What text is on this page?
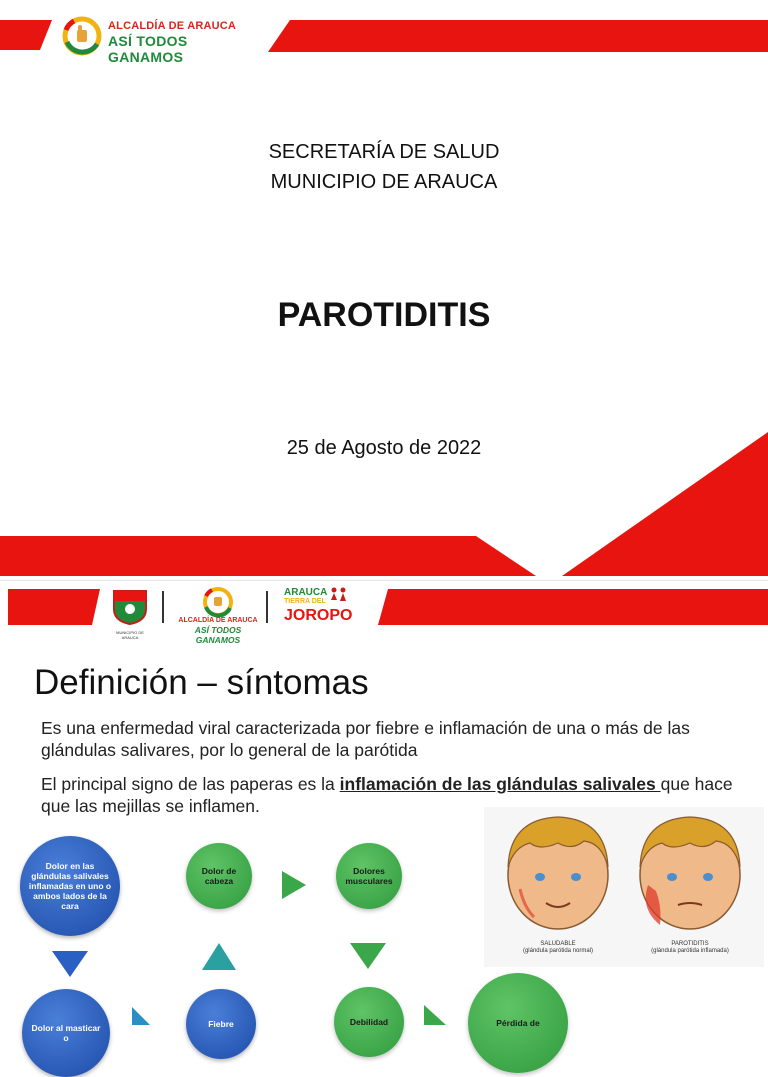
ALCALDÍA DE ARAUCA
ASÍ TODOS GANAMOS
SECRETARÍA DE SALUD
MUNICIPIO DE ARAUCA
PAROTIDITIS
25 de Agosto de 2022
MUNICIPIO DE ARAUCA
ALCALDÍA DE ARAUCA
ASÍ TODOS GANAMOS
ARAUCA
TIERRA DEL
JOROPO
Definición – síntomas
Es una enfermedad viral caracterizada por fiebre e inflamación de una o más de las glándulas salivares, por lo general de la parótida
El principal signo de las paperas es la inflamación de las glándulas salivales que hace que las mejillas se inflamen.
SALUDABLE
(glándula parótida normal)
PAROTIDITIS
(glándula parótida inflamada)
Dolor en las glándulas salivales inflamadas en uno o ambos lados de la cara
Dolor de cabeza
Dolores musculares
Dolor al masticar o
Fiebre	Debilidad	Pérdida de
